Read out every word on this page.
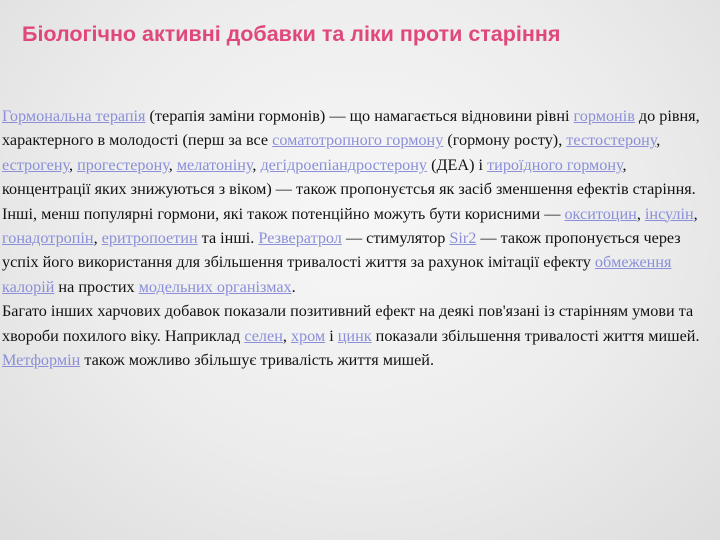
Біологічно активні добавки та ліки проти старіння

Гормональна терапія (терапія заміни гормонів) — що намагається відновини рівні гормонів до рівня, характерного в молодості (перш за все соматотропного гормону (гормону росту), тестостерону, естрогену, прогестерону, мелатоніну, дегідроепіандростерону (ДЕА) і тироїдного гормону, концентрації яких знижуються з віком) — також пропонуєтсья як засіб зменшення ефектів старіння. Інші, менш популярні гормони, які також потенційно можуть бути корисними — окситоцин, інсулін, гонадотропін, еритропоетин та інші. Резвератрол — стимулятор Sir2 — також пропонується через успіх його використання для збільшення тривалості життя за рахунок імітації ефекту обмеження калорій на простих модельних організмах.

Багато інших харчових добавок показали позитивний ефект на деякі пов'язані із старінням умови та хвороби похилого віку. Наприклад селен, хром і цинк показали збільшення тривалості життя мишей. Метформін також можливо збільшує тривалість життя мишей.
